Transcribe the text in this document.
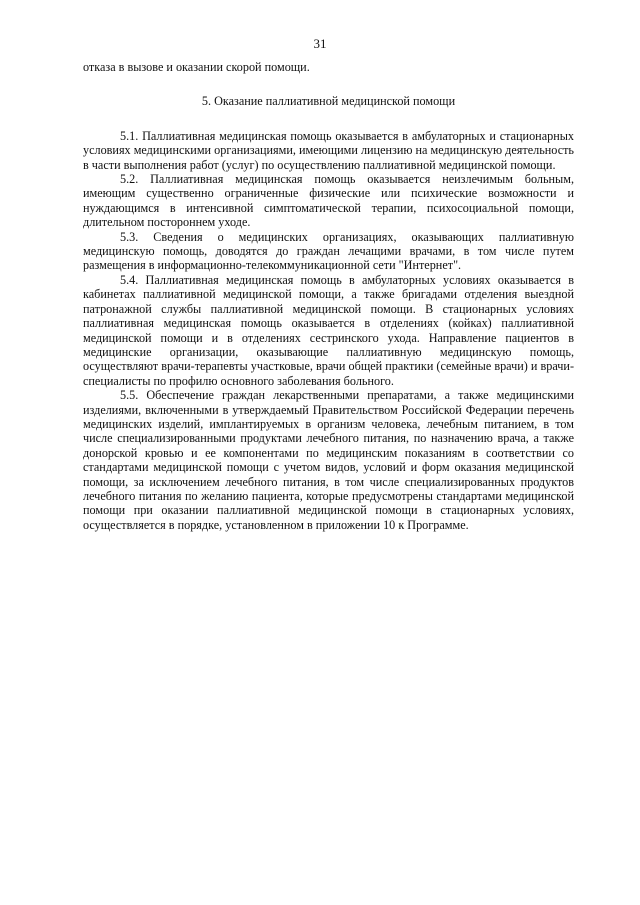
31

отказа в вызове и оказании скорой помощи.

5. Оказание паллиативной медицинской помощи

5.1. Паллиативная медицинская помощь оказывается в амбулаторных и стационарных условиях медицинскими организациями, имеющими лицензию на медицинскую деятельность в части выполнения работ (услуг) по осуществлению паллиативной медицинской помощи.

5.2. Паллиативная медицинская помощь оказывается неизлечимым больным, имеющим существенно ограниченные физические или психические возможности и нуждающимся в интенсивной симптоматической терапии, психосоциальной помощи, длительном постороннем уходе.

5.3. Сведения о медицинских организациях, оказывающих паллиативную медицинскую помощь, доводятся до граждан лечащими врачами, в том числе путем размещения в информационно-телекоммуникационной сети "Интернет".

5.4. Паллиативная медицинская помощь в амбулаторных условиях оказывается в кабинетах паллиативной медицинской помощи, а также бригадами отделения выездной патронажной службы паллиативной медицинской помощи. В стационарных условиях паллиативная медицинская помощь оказывается в отделениях (койках) паллиативной медицинской помощи и в отделениях сестринского ухода. Направление пациентов в медицинские организации, оказывающие паллиативную медицинскую помощь, осуществляют врачи-терапевты участковые, врачи общей практики (семейные врачи) и врачи-специалисты по профилю основного заболевания больного.

5.5. Обеспечение граждан лекарственными препаратами, а также медицинскими изделиями, включенными в утверждаемый Правительством Российской Федерации перечень медицинских изделий, имплантируемых в организм человека, лечебным питанием, в том числе специализированными продуктами лечебного питания, по назначению врача, а также донорской кровью и ее компонентами по медицинским показаниям в соответствии со стандартами медицинской помощи с учетом видов, условий и форм оказания медицинской помощи, за исключением лечебного питания, в том числе специализированных продуктов лечебного питания по желанию пациента, которые предусмотрены стандартами медицинской помощи при оказании паллиативной медицинской помощи в стационарных условиях, осуществляется в порядке, установленном в приложении 10 к Программе.
